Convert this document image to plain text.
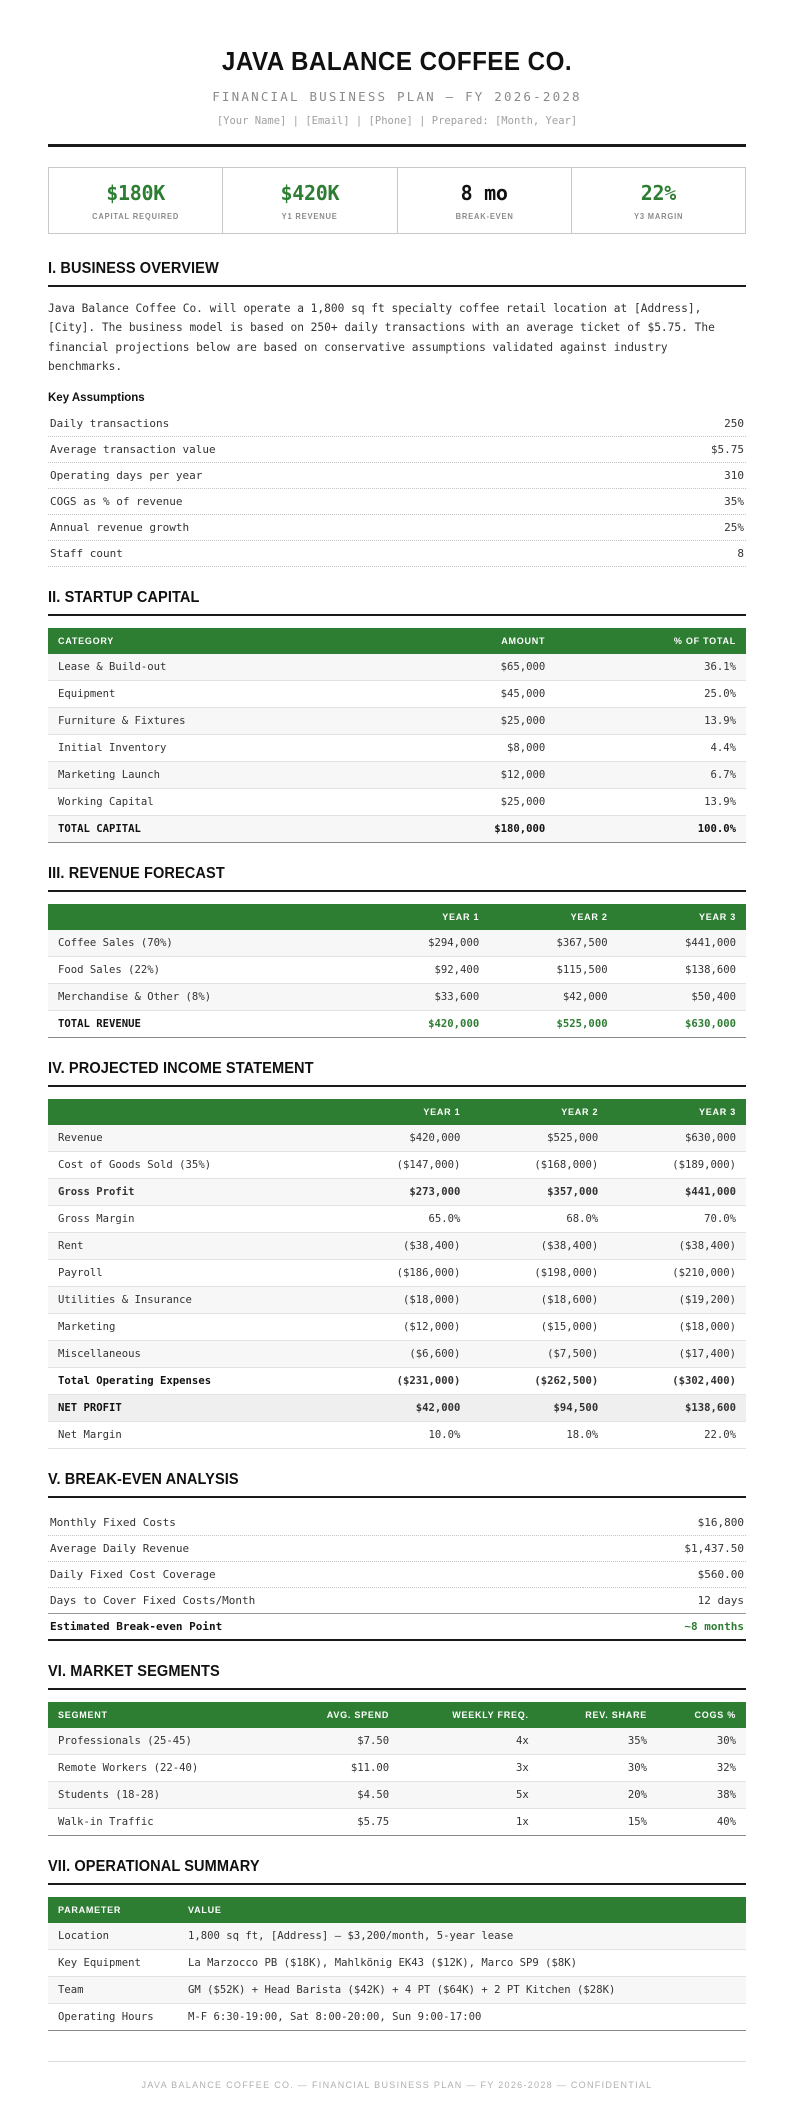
JAVA BALANCE COFFEE CO.
FINANCIAL BUSINESS PLAN — FY 2026-2028
[Your Name] | [Email] | [Phone] | Prepared: [Month, Year]
$180K
CAPITAL REQUIRED
$420K
Y1 REVENUE
8 mo
BREAK-EVEN
22%
Y3 MARGIN
I. BUSINESS OVERVIEW

Java Balance Coffee Co. will operate a 1,800 sq ft specialty coffee retail location at [Address], [City]. The business model is based on 250+ daily transactions with an average ticket of $5.75. The financial projections below are based on conservative assumptions validated against industry benchmarks.

Key Assumptions
Daily transactions	250
Average transaction value	$5.75
Operating days per year	310
COGS as % of revenue	35%
Annual revenue growth	25%
Staff count	8
II. STARTUP CAPITAL
CATEGORY	AMOUNT	% OF TOTAL
Lease & Build-out	$65,000	36.1%
Equipment	$45,000	25.0%
Furniture & Fixtures	$25,000	13.9%
Initial Inventory	$8,000	4.4%
Marketing Launch	$12,000	6.7%
Working Capital	$25,000	13.9%
TOTAL CAPITAL	$180,000	100.0%
III. REVENUE FORECAST
	YEAR 1	YEAR 2	YEAR 3
Coffee Sales (70%)	$294,000	$367,500	$441,000
Food Sales (22%)	$92,400	$115,500	$138,600
Merchandise & Other (8%)	$33,600	$42,000	$50,400
TOTAL REVENUE	$420,000	$525,000	$630,000
IV. PROJECTED INCOME STATEMENT
	YEAR 1	YEAR 2	YEAR 3
Revenue	$420,000	$525,000	$630,000
Cost of Goods Sold (35%)	($147,000)	($168,000)	($189,000)
Gross Profit	$273,000	$357,000	$441,000
Gross Margin	65.0%	68.0%	70.0%
Rent	($38,400)	($38,400)	($38,400)
Payroll	($186,000)	($198,000)	($210,000)
Utilities & Insurance	($18,000)	($18,600)	($19,200)
Marketing	($12,000)	($15,000)	($18,000)
Miscellaneous	($6,600)	($7,500)	($17,400)
Total Operating Expenses	($231,000)	($262,500)	($302,400)
NET PROFIT	$42,000	$94,500	$138,600
Net Margin	10.0%	18.0%	22.0%
V. BREAK-EVEN ANALYSIS
Monthly Fixed Costs	$16,800
Average Daily Revenue	$1,437.50
Daily Fixed Cost Coverage	$560.00
Days to Cover Fixed Costs/Month	12 days
Estimated Break-even Point	~8 months
VI. MARKET SEGMENTS
SEGMENT	AVG. SPEND	WEEKLY FREQ.	REV. SHARE	COGS %
Professionals (25-45)	$7.50	4x	35%	30%
Remote Workers (22-40)	$11.00	3x	30%	32%
Students (18-28)	$4.50	5x	20%	38%
Walk-in Traffic	$5.75	1x	15%	40%
VII. OPERATIONAL SUMMARY
PARAMETER	VALUE
Location	1,800 sq ft, [Address] — $3,200/month, 5-year lease
Key Equipment	La Marzocco PB ($18K), Mahlkönig EK43 ($12K), Marco SP9 ($8K)
Team	GM ($52K) + Head Barista ($42K) + 4 PT ($64K) + 2 PT Kitchen ($28K)
Operating Hours	M-F 6:30-19:00, Sat 8:00-20:00, Sun 9:00-17:00
JAVA BALANCE COFFEE CO. — FINANCIAL BUSINESS PLAN — FY 2026-2028 — CONFIDENTIAL
